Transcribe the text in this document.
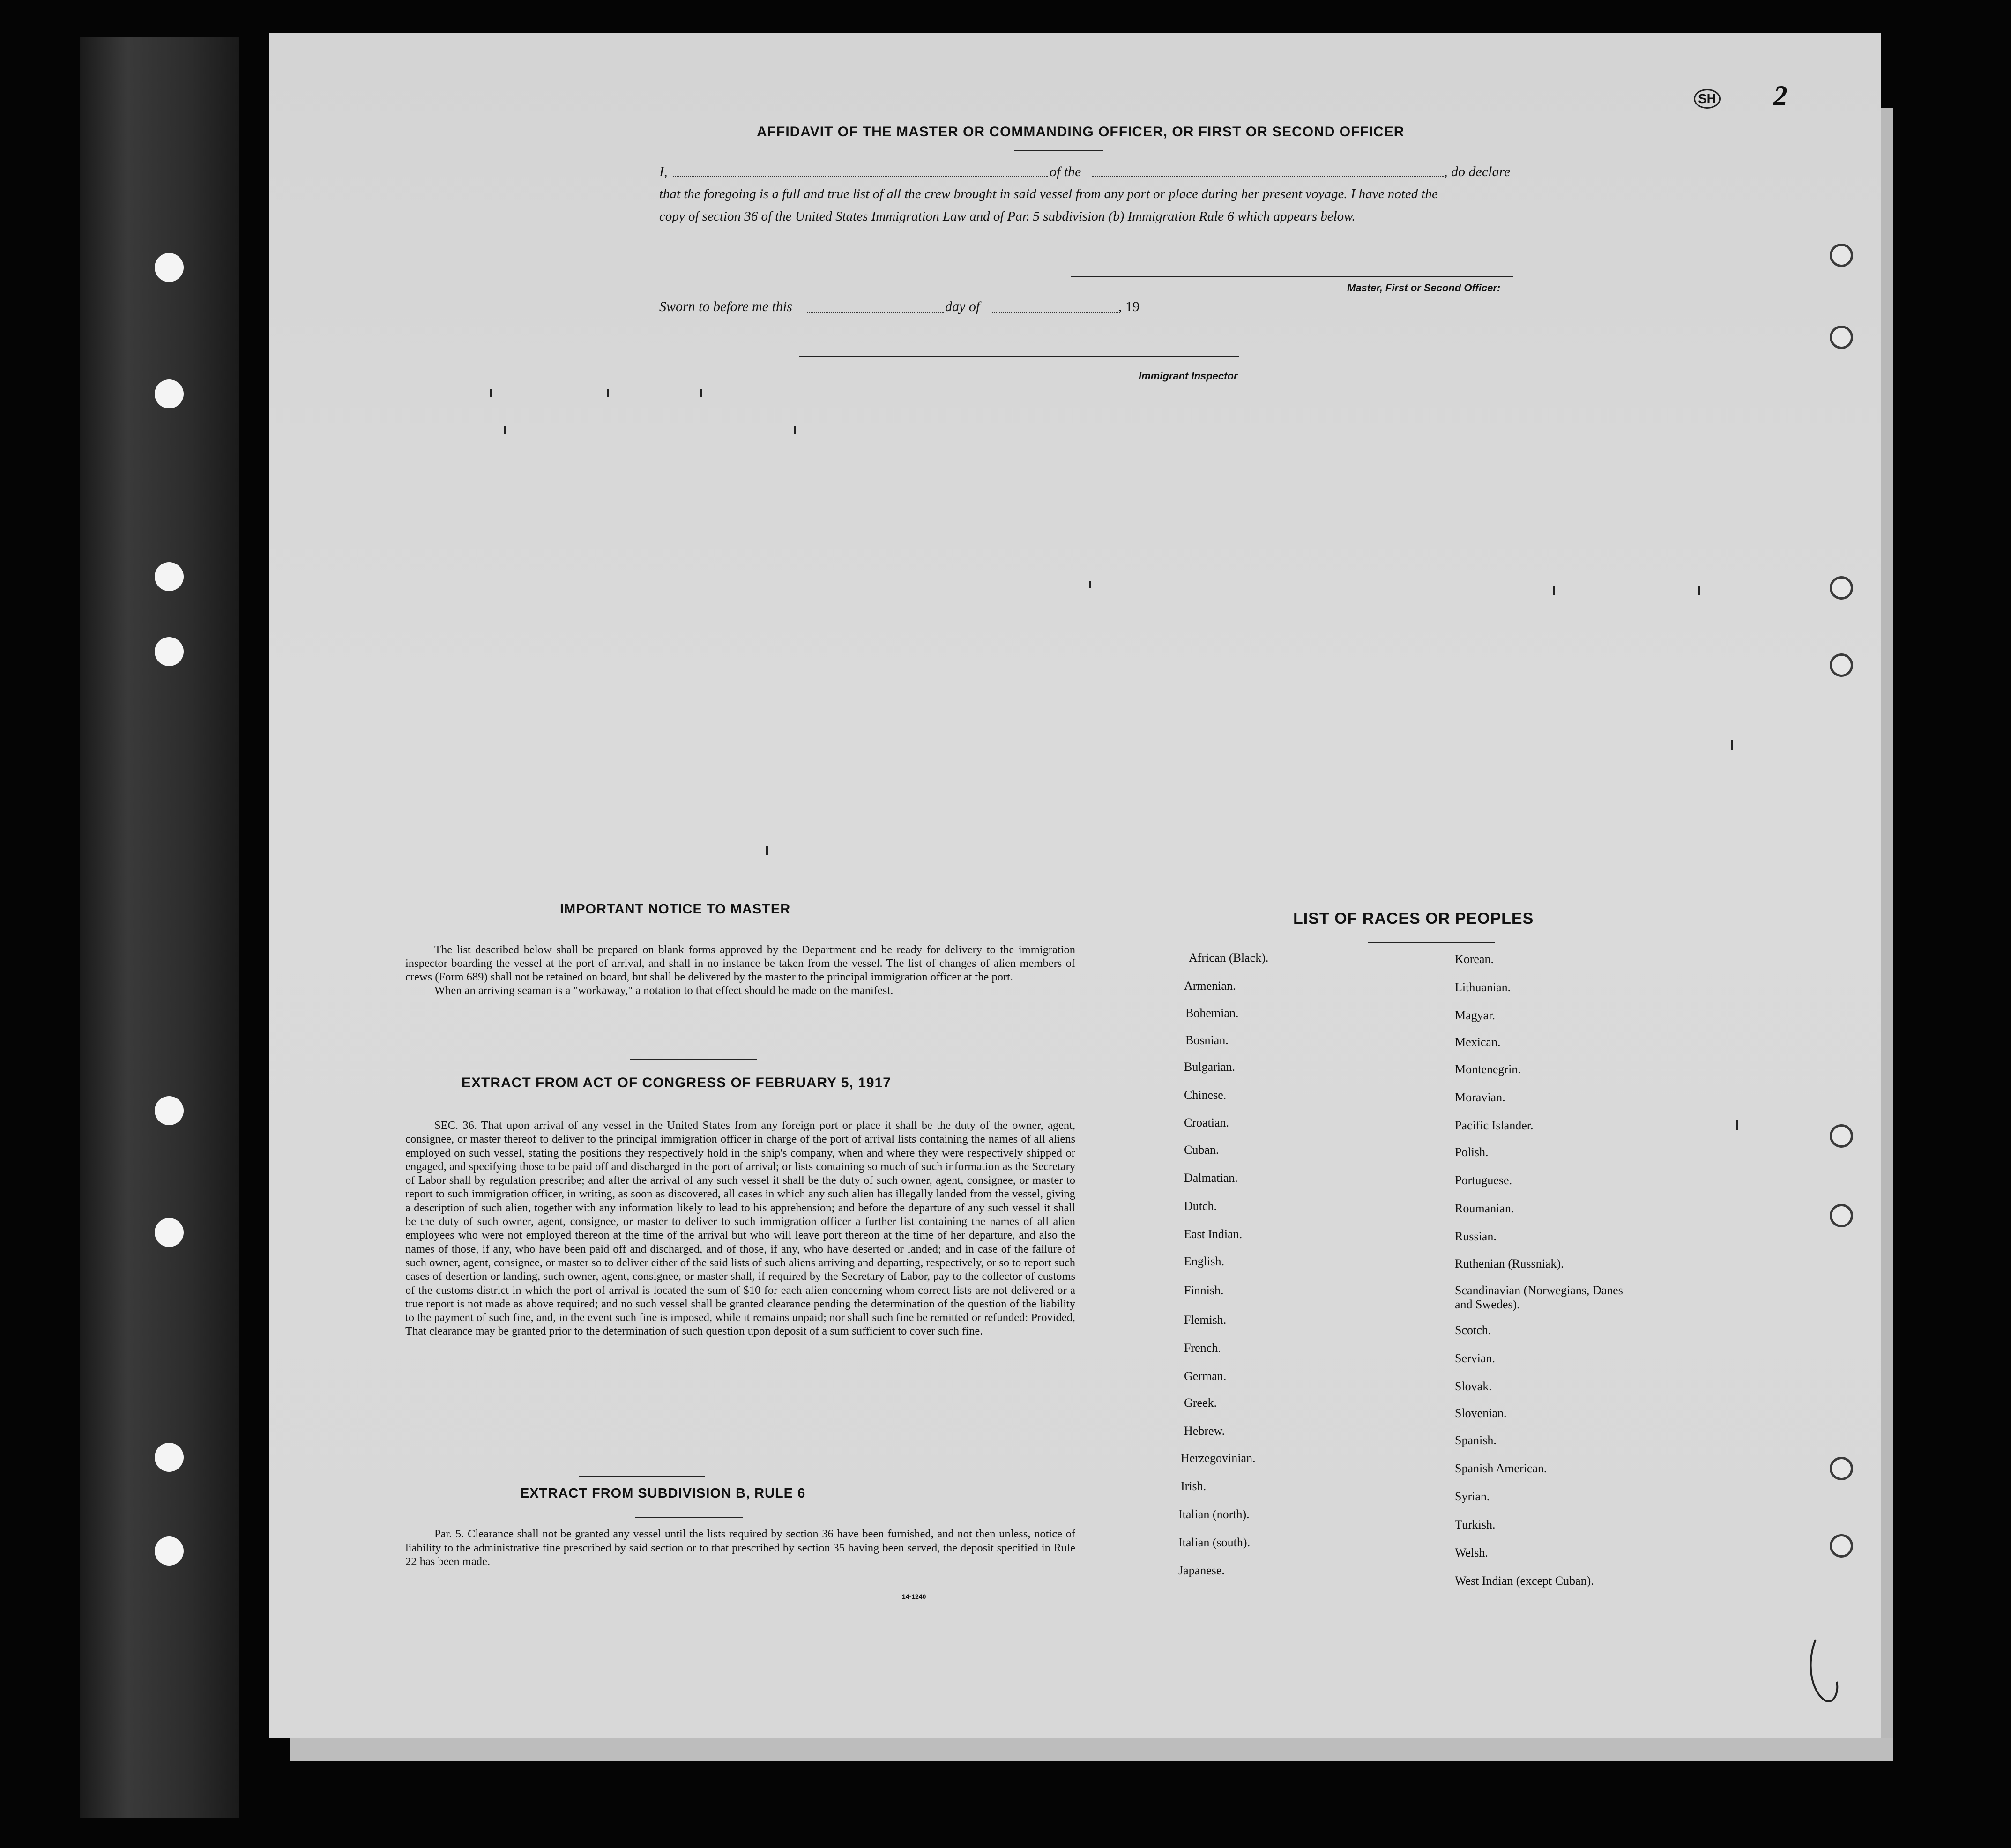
SH 2
AFFIDAVIT OF THE MASTER OR COMMANDING OFFICER, OR FIRST OR SECOND OFFICER
I,	of the	, do declare
that the foregoing is a full and true list of all the crew brought in said vessel from any port or place during her present voyage. I have noted the
copy of section 36 of the United States Immigration Law and of Par. 5 subdivision (b) Immigration Rule 6 which appears below.
Master, First or Second Officer:
Sworn to before me this	day of	, 19
Immigrant Inspector
IMPORTANT NOTICE TO MASTER

The list described below shall be prepared on blank forms approved by the Department and be ready for delivery to the immigration inspector boarding the vessel at the port of arrival, and shall in no instance be taken from the vessel. The list of changes of alien members of crews (Form 689) shall not be retained on board, but shall be delivered by the master to the principal immigration officer at the port.

When an arriving seaman is a "workaway," a notation to that effect should be made on the manifest.

EXTRACT FROM ACT OF CONGRESS OF FEBRUARY 5, 1917

SEC. 36. That upon arrival of any vessel in the United States from any foreign port or place it shall be the duty of the owner, agent, consignee, or master thereof to deliver to the principal immigration officer in charge of the port of arrival lists containing the names of all aliens employed on such vessel, stating the positions they respectively hold in the ship's company, when and where they were respectively shipped or engaged, and specifying those to be paid off and discharged in the port of arrival; or lists containing so much of such information as the Secretary of Labor shall by regulation prescribe; and after the arrival of any such vessel it shall be the duty of such owner, agent, consignee, or master to report to such immigration officer, in writing, as soon as discovered, all cases in which any such alien has illegally landed from the vessel, giving a description of such alien, together with any information likely to lead to his apprehension; and before the departure of any such vessel it shall be the duty of such owner, agent, consignee, or master to deliver to such immigration officer a further list containing the names of all alien employees who were not employed thereon at the time of the arrival but who will leave port thereon at the time of her departure, and also the names of those, if any, who have been paid off and discharged, and of those, if any, who have deserted or landed; and in case of the failure of such owner, agent, consignee, or master so to deliver either of the said lists of such aliens arriving and departing, respectively, or so to report such cases of desertion or landing, such owner, agent, consignee, or master shall, if required by the Secretary of Labor, pay to the collector of customs of the customs district in which the port of arrival is located the sum of $10 for each alien concerning whom correct lists are not delivered or a true report is not made as above required; and no such vessel shall be granted clearance pending the determination of the question of the liability to the payment of such fine, and, in the event such fine is imposed, while it remains unpaid; nor shall such fine be remitted or refunded: Provided, That clearance may be granted prior to the determination of such question upon deposit of a sum sufficient to cover such fine.

EXTRACT FROM SUBDIVISION B, RULE 6

Par. 5. Clearance shall not be granted any vessel until the lists required by section 36 have been furnished, and not then unless, notice of liability to the administrative fine prescribed by said section or to that prescribed by section 35 having been served, the deposit specified in Rule 22 has been made.

14-1240
LIST OF RACES OR PEOPLES
African (Black).
Armenian.
Bohemian.
Bosnian.
Bulgarian.
Chinese.
Croatian.
Cuban.
Dalmatian.
Dutch.
East Indian.
English.
Finnish.
Flemish.
French.
German.
Greek.
Hebrew.
Herzegovinian.
Irish.
Italian (north).
Italian (south).
Japanese.
Korean.
Lithuanian.
Magyar.
Mexican.
Montenegrin.
Moravian.
Pacific Islander.
Polish.
Portuguese.
Roumanian.
Russian.
Ruthenian (Russniak).
Scandinavian (Norwegians, Danes and Swedes).
Scotch.
Servian.
Slovak.
Slovenian.
Spanish.
Spanish American.
Syrian.
Turkish.
Welsh.
West Indian (except Cuban).
